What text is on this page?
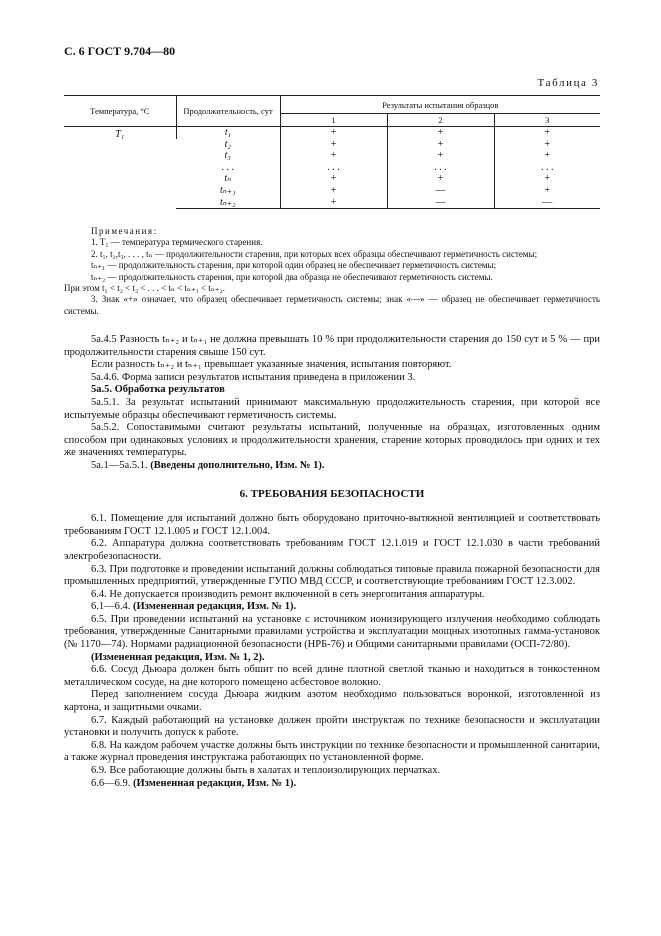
С. 6 ГОСТ 9.704—80
Таблица 3
Температура, °С	Продолжительность, сут	Результаты испытания образцов		
		1	2	3
T₁	t₁	+	+	+
	t₂	+	+	+
	t₃	+	+	+
	. . .	. . .	. . .	. . .
	tₙ	+	+	+
	tₙ₊₁	+	—	+
	tₙ₊₂	+	—	—

Примечания:

1. T₁ — температура термического старения.

2. t₁, t₂,t₃, . . . , tₙ — продолжительности старения, при которых всех образцы обеспечивают герметичность системы;

tₙ₊₁ — продолжительность старения, при которой один образец не обеспечивает герметичность системы;

tₙ₊₂ — продолжительность старения, при которой два образца не обеспечивают герметичность системы.

При этом t₁ < t₂ < t₃ < . . . < tₙ < tₙ₊₁ < tₙ₊₂.

3. Знак «+» означает, что образец обеспечивает герметичность системы; знак «—» — образец не обеспечивает герметичность системы.

5а.4.5 Разность tₙ₊₂ и tₙ₊₁ не должна превышать 10 % при продолжительности старения до 150 сут и 5 % — при продолжительности старения свыше 150 сут.

Если разность tₙ₊₂ и tₙ₊₁ превышает указанные значения, испытания повторяют.

5а.4.6. Форма записи результатов испытания приведена в приложении 3.

5а.5. Обработка результатов

5а.5.1. За результат испытаний принимают максимальную продолжительность старения, при которой все испытуемые образцы обеспечивают герметичность системы.

5а.5.2. Сопоставимыми считают результаты испытаний, полученные на образцах, изготовленных одним способом при одинаковых условиях и продолжительности хранения, старение которых проводилось при одних и тех же значениях температуры.

5а.1—5а.5.1. (Введены дополнительно, Изм. № 1).

6. ТРЕБОВАНИЯ БЕЗОПАСНОСТИ

6.1. Помещение для испытаний должно быть оборудовано приточно-вытяжной вентиляцией и соответствовать требованиям ГОСТ 12.1.005 и ГОСТ 12.1.004.

6.2. Аппаратура должна соответствовать требованиям ГОСТ 12.1.019 и ГОСТ 12.1.030 в части требований электробезопасности.

6.3. При подготовке и проведении испытаний должны соблюдаться типовые правила пожарной безопасности для промышленных предприятий, утвержденные ГУПО МВД СССР, и соответствующие требованиям ГОСТ 12.3.002.

6.4. Не допускается производить ремонт включенной в сеть энергопитания аппаратуры.

6.1—6.4. (Измененная редакция, Изм. № 1).

6.5. При проведении испытаний на установке с источником ионизирующего излучения необходимо соблюдать требования, утвержденные Санитарными правилами устройства и эксплуатации мощных изотопных гамма-установок (№ 1170—74). Нормами радиационной безопасности (НРБ-76) и Общими санитарными правилами (ОСП-72/80).

(Измененная редакция, Изм. № 1, 2).

6.6. Сосуд Дьюара должен быть обшит по всей длине плотной светлой тканью и находиться в тонкостенном металлическом сосуде, на дне которого помещено асбестовое волокно.

Перед заполнением сосуда Дьюара жидким азотом необходимо пользоваться воронкой, изготовленной из картона, и защитными очками.

6.7. Каждый работающий на установке должен пройти инструктаж по технике безопасности и эксплуатации установки и получить допуск к работе.

6.8. На каждом рабочем участке должны быть инструкции по технике безопасности и промышленной санитарии, а также журнал проведения инструктажа работающих по установленной форме.

6.9. Все работающие должны быть в халатах и теплоизолирующих перчатках.

6.6—6.9. (Измененная редакция, Изм. № 1).
